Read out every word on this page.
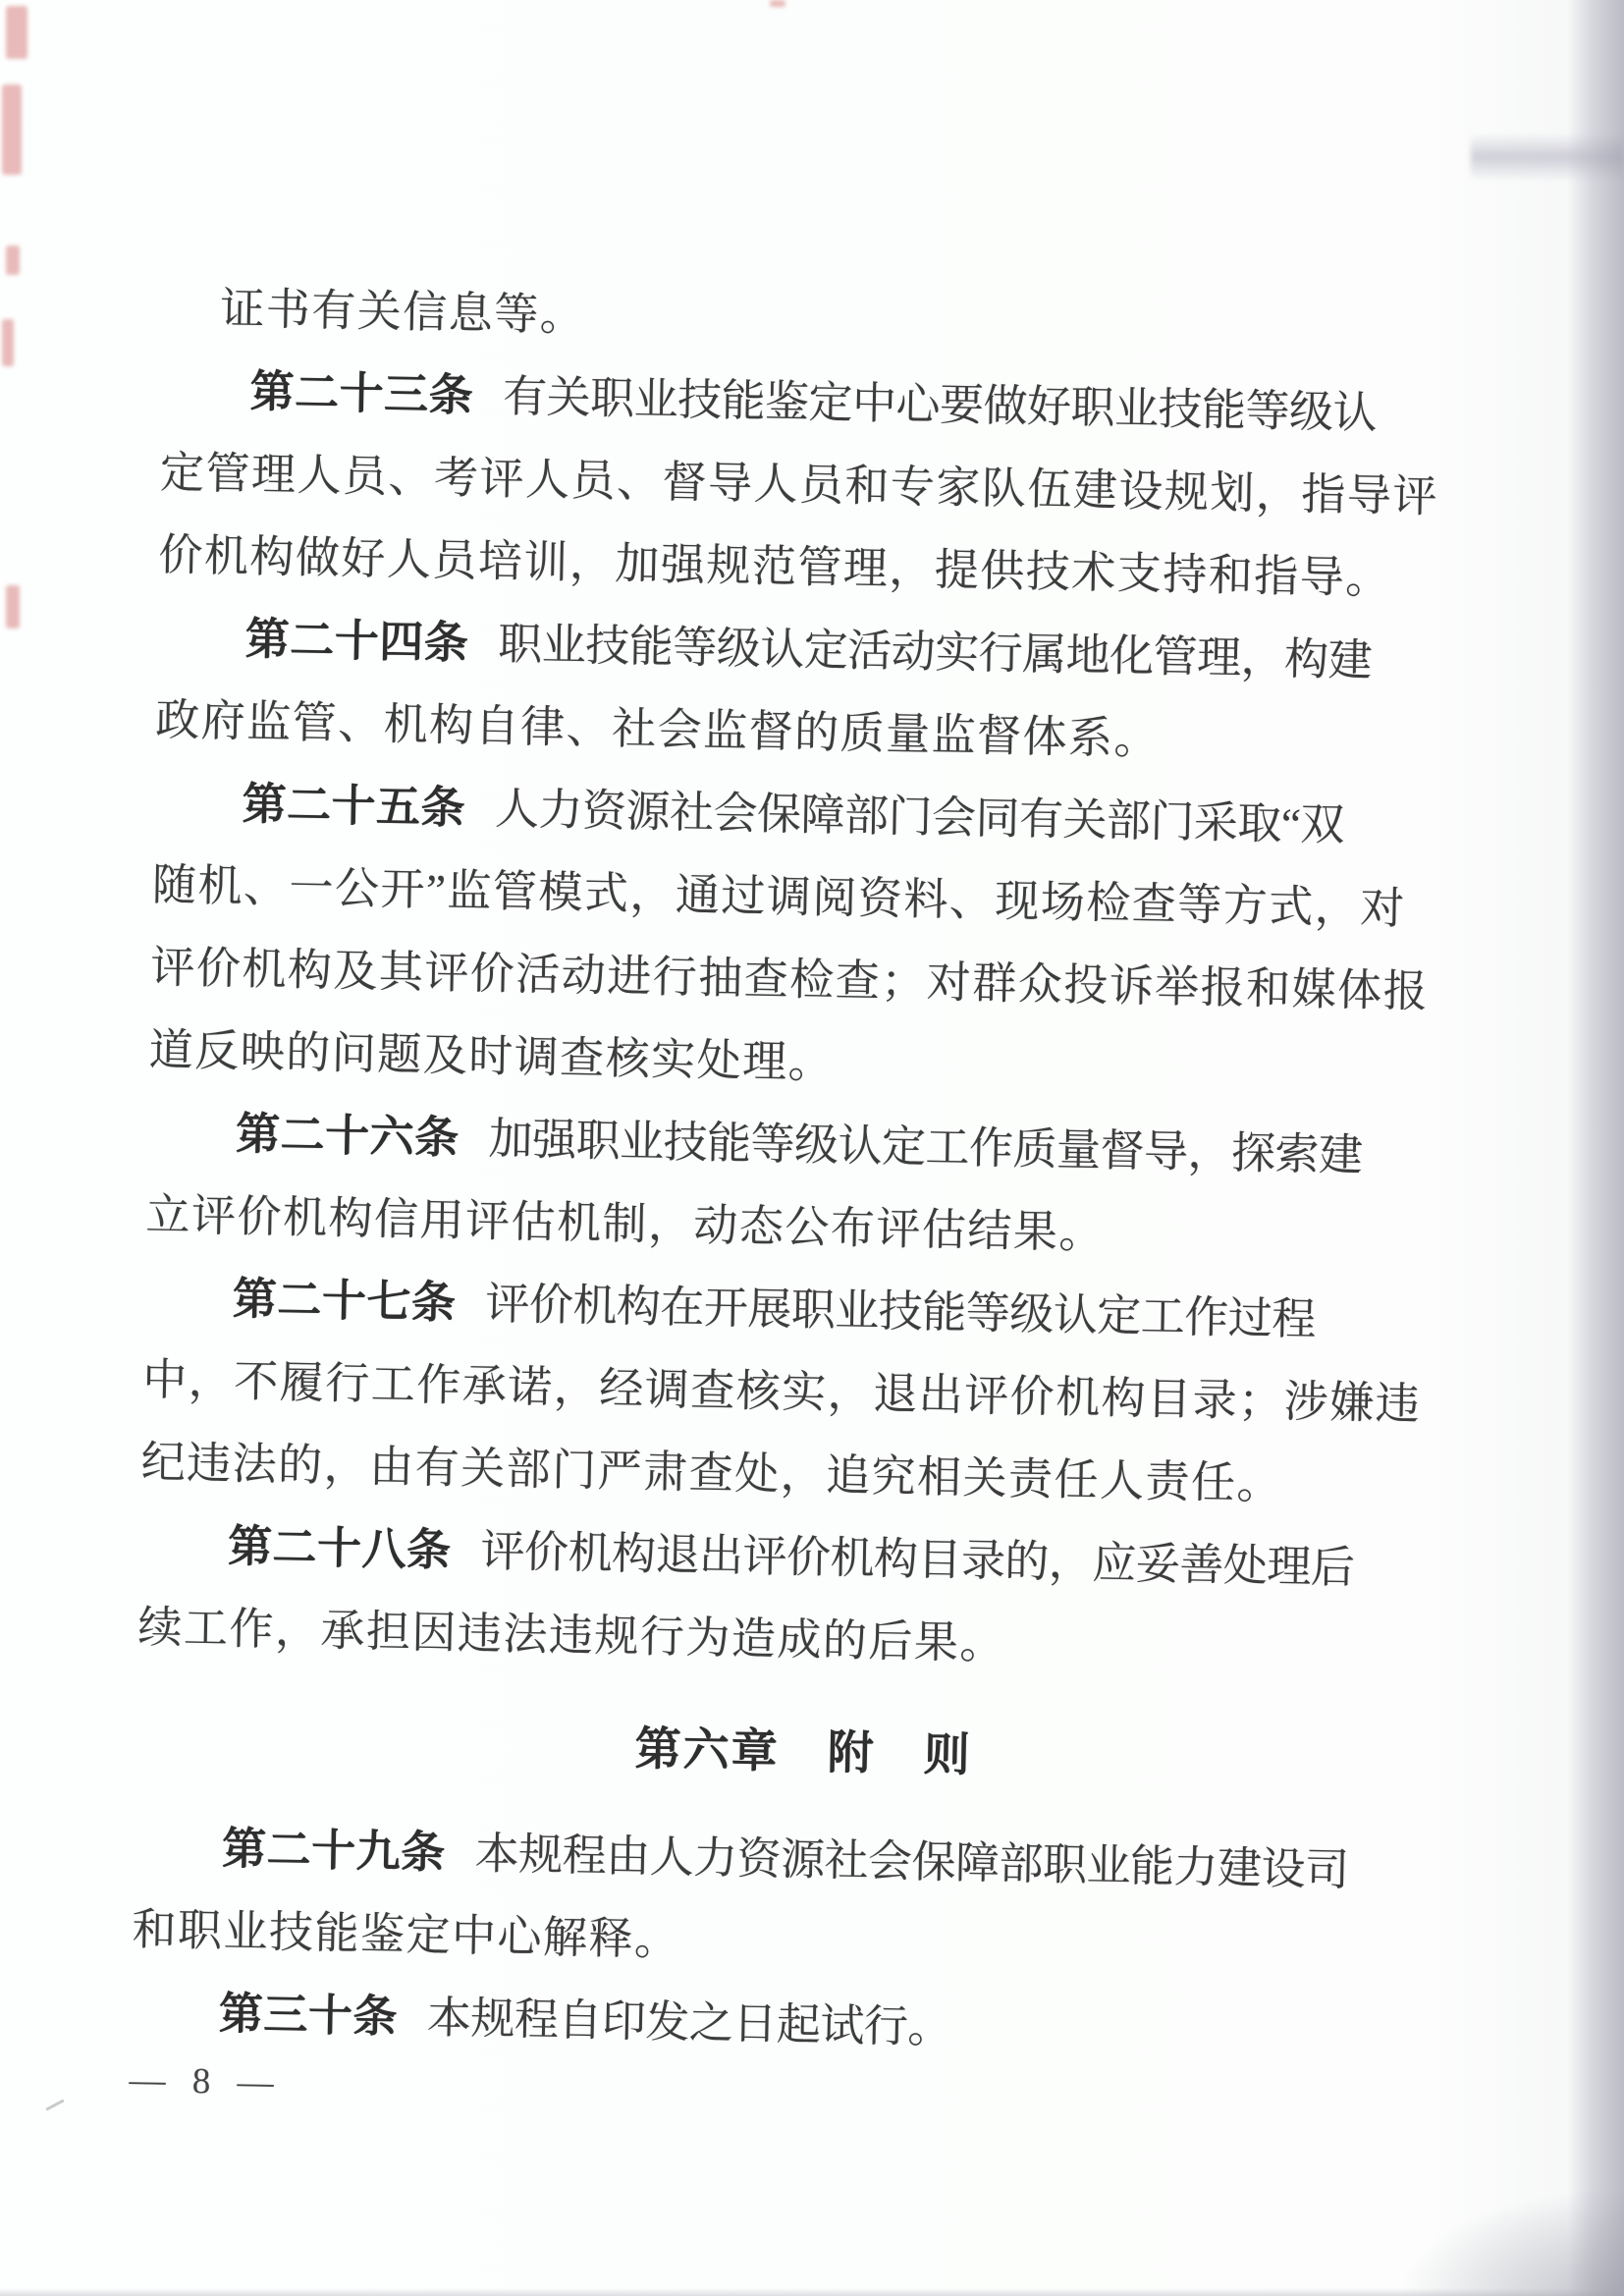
证书有关信息等。
第二十三条 有关职业技能鉴定中心要做好职业技能等级认
定管理人员、考评人员、督导人员和专家队伍建设规划，指导评
价机构做好人员培训，加强规范管理，提供技术支持和指导。
第二十四条 职业技能等级认定活动实行属地化管理，构建
政府监管、机构自律、社会监督的质量监督体系。
第二十五条 人力资源社会保障部门会同有关部门采取“双
随机、一公开”监管模式，通过调阅资料、现场检查等方式，对
评价机构及其评价活动进行抽查检查；对群众投诉举报和媒体报
道反映的问题及时调查核实处理。
第二十六条 加强职业技能等级认定工作质量督导，探索建
立评价机构信用评估机制，动态公布评估结果。
第二十七条 评价机构在开展职业技能等级认定工作过程
中，不履行工作承诺，经调查核实，退出评价机构目录；涉嫌违
纪违法的，由有关部门严肃查处，追究相关责任人责任。
第二十八条 评价机构退出评价机构目录的，应妥善处理后
续工作，承担因违法违规行为造成的后果。
第六章　附　则
第二十九条 本规程由人力资源社会保障部职业能力建设司
和职业技能鉴定中心解释。
第三十条 本规程自印发之日起试行。
— 8 —
